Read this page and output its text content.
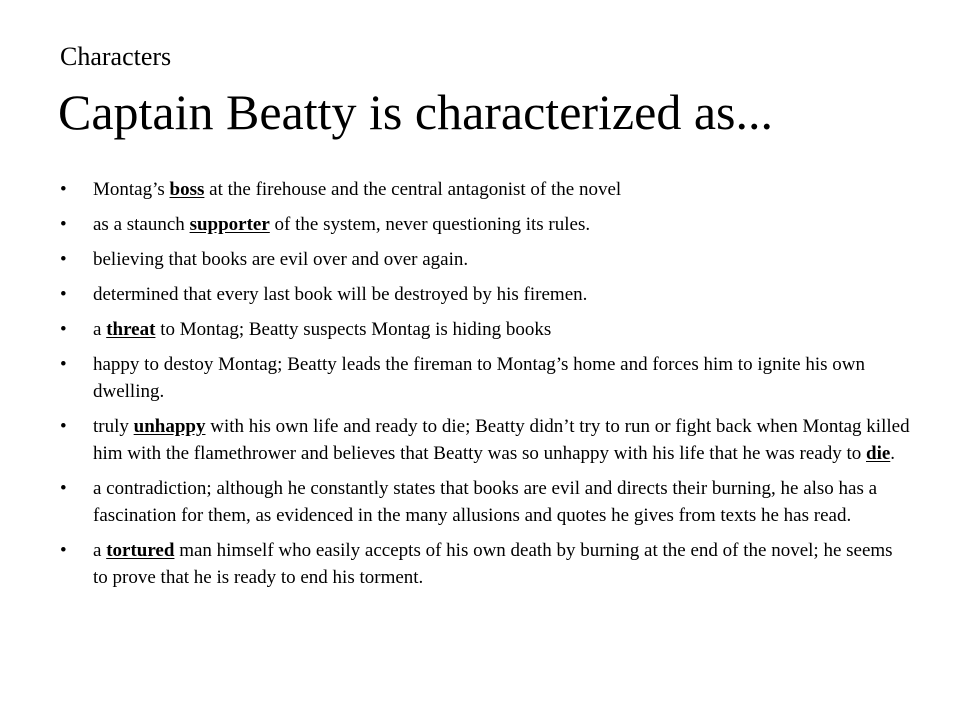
Characters
Captain Beatty is characterized as...
• Montag’s boss at the firehouse and the central antagonist of the novel
• as a staunch supporter of the system, never questioning its rules.
• believing that books are evil over and over again.
• determined that every last book will be destroyed by his firemen.
• a threat to Montag; Beatty suspects Montag is hiding books
• happy to destoy Montag; Beatty leads the fireman to Montag’s home and forces him to ignite his own dwelling.
• truly unhappy with his own life and ready to die; Beatty didn’t try to run or fight back when Montag killed him with the flamethrower and believes that Beatty was so unhappy with his life that he was ready to die.
• a contradiction; although he constantly states that books are evil and directs their burning, he also has a fascination for them, as evidenced in the many allusions and quotes he gives from texts he has read.
• a tortured man himself who easily accepts of his own death by burning at the end of the novel; he seems to prove that he is ready to end his torment.
